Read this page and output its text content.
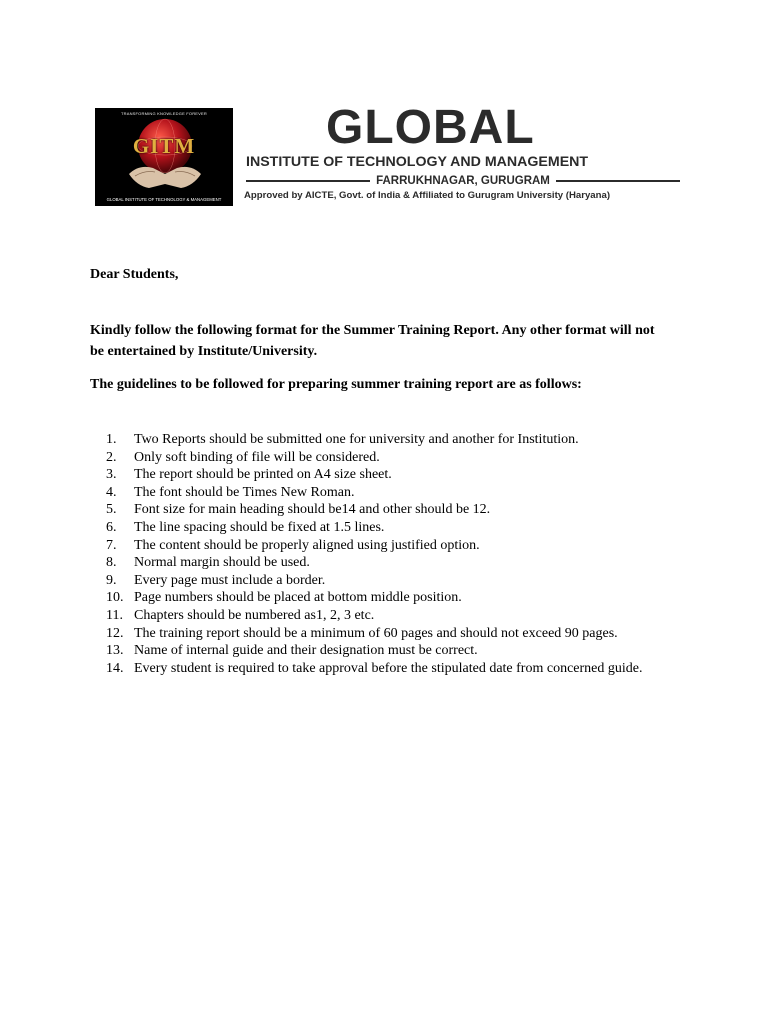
TRANSFORMING KNOWLEDGE FOREVER
GITM
GLOBAL INSTITUTE OF TECHNOLOGY & MANAGEMENT
GLOBAL
INSTITUTE OF TECHNOLOGY AND MANAGEMENT
FARRUKHNAGAR, GURUGRAM
Approved by AICTE, Govt. of India & Affiliated to Gurugram University (Haryana)
Dear Students,
Kindly follow the following format for the Summer Training Report. Any other format will not be entertained by Institute/University.
The guidelines to be followed for preparing summer training report are as follows:
1.	Two Reports should be submitted one for university and another for Institution.
2.	Only soft binding of file will be considered.
3.	The report should be printed on A4 size sheet.
4.	The font should be Times New Roman.
5.	Font size for main heading should be14 and other should be 12.
6.	The line spacing should be fixed at 1.5 lines.
7.	The content should be properly aligned using justified option.
8.	Normal margin should be used.
9.	Every page must include a border.
10. Page numbers should be placed at bottom middle position.
11. Chapters should be numbered as1, 2, 3 etc.
12. The training report should be a minimum of 60 pages and should not exceed 90 pages.
13. Name of internal guide and their designation must be correct.
14. Every student is required to take approval before the stipulated date from concerned guide.
